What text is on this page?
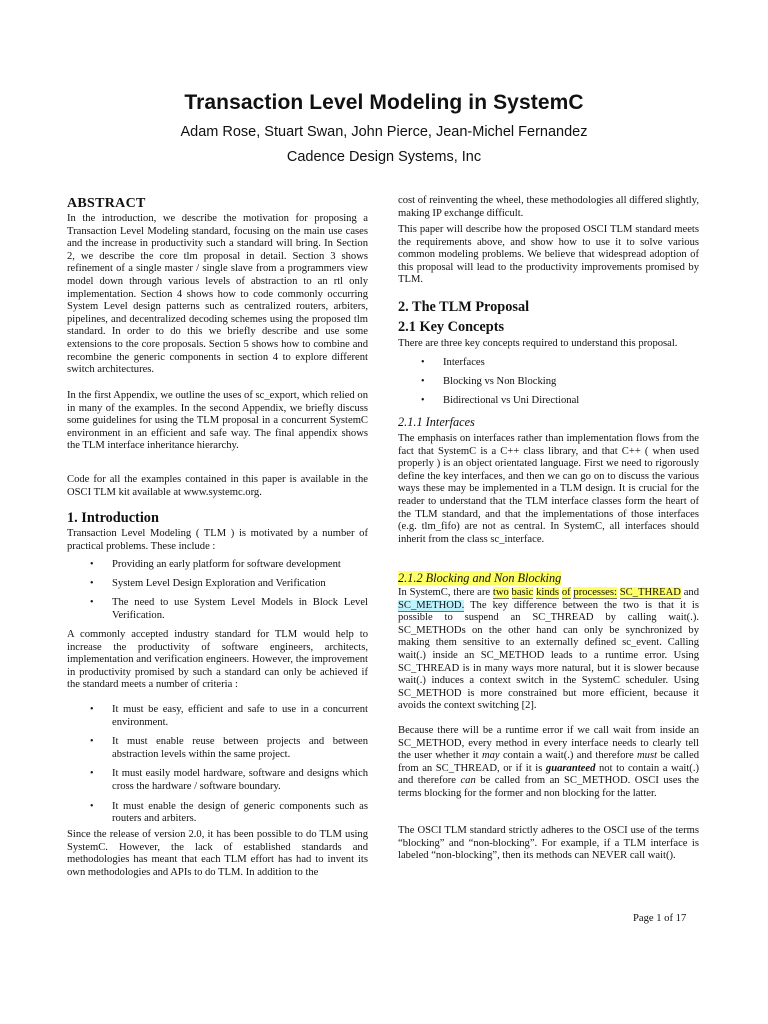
Transaction Level Modeling in SystemC
Adam Rose, Stuart Swan, John Pierce, Jean-Michel Fernandez
Cadence Design Systems, Inc
ABSTRACT

In the introduction, we describe the motivation for proposing a Transaction Level Modeling standard, focusing on the main use cases and the increase in productivity such a standard will bring. In Section 2, we describe the core tlm proposal in detail. Section 3 shows refinement of a single master / single slave from a programmers view model down through various levels of abstraction to an rtl only implementation. Section 4 shows how to code commonly occurring System Level design patterns such as centralized routers, arbiters, pipelines, and decentralized decoding schemes using the proposed tlm standard. In order to do this we briefly describe and use some extensions to the core proposals. Section 5 shows how to combine and recombine the generic components in section 4 to explore different switch architectures.

In the first Appendix, we outline the uses of sc_export, which relied on in many of the examples. In the second Appendix, we briefly discuss some guidelines for using the TLM proposal in a concurrent SystemC environment in an efficient and safe way. The final appendix shows the TLM interface inheritance hierarchy.

Code for all the examples contained in this paper is available in the OSCI TLM kit available at www.systemc.org.

1. Introduction

Transaction Level Modeling ( TLM ) is motivated by a number of practical problems. These include :

• Providing an early platform for software development
• System Level Design Exploration and Verification
• The need to use System Level Models in Block Level Verification.

A commonly accepted industry standard for TLM would help to increase the productivity of software engineers, architects, implementation and verification engineers. However, the improvement in productivity promised by such a standard can only be achieved if the standard meets a number of criteria :

• It must be easy, efficient and safe to use in a concurrent environment.
• It must enable reuse between projects and between abstraction levels within the same project.
• It must easily model hardware, software and designs which cross the hardware / software boundary.
• It must enable the design of generic components such as routers and arbiters.

Since the release of version 2.0, it has been possible to do TLM using SystemC. However, the lack of established standards and methodologies has meant that each TLM effort has had to invent its own methodologies and APIs to do TLM. In addition to the

cost of reinventing the wheel, these methodologies all differed slightly, making IP exchange difficult.

This paper will describe how the proposed OSCI TLM standard meets the requirements above, and show how to use it to solve various common modeling problems. We believe that widespread adoption of this proposal will lead to the productivity improvements promised by TLM.

2. The TLM Proposal
2.1 Key Concepts

There are three key concepts required to understand this proposal.

• Interfaces
• Blocking vs Non Blocking
• Bidirectional vs Uni Directional
2.1.1 Interfaces

The emphasis on interfaces rather than implementation flows from the fact that SystemC is a C++ class library, and that C++ ( when used properly ) is an object orientated language. First we need to rigorously define the key interfaces, and then we can go on to discuss the various ways these may be implemented in a TLM design. It is crucial for the reader to understand that the TLM interface classes form the heart of the TLM standard, and that the implementations of those interfaces (e.g. tlm_fifo) are not as central. In SystemC, all interfaces should inherit from the class sc_interface.

2.1.2 Blocking and Non Blocking

In SystemC, there are two basic kinds of processes: SC_THREAD and SC_METHOD. The key difference between the two is that it is possible to suspend an SC_THREAD by calling wait(.). SC_METHODs on the other hand can only be synchronized by making them sensitive to an externally defined sc_event. Calling wait(.) inside an SC_METHOD leads to a runtime error. Using SC_THREAD is in many ways more natural, but it is slower because wait(.) induces a context switch in the SystemC scheduler. Using SC_METHOD is more constrained but more efficient, because it avoids the context switching [2].

Because there will be a runtime error if we call wait from inside an SC_METHOD, every method in every interface needs to clearly tell the user whether it may contain a wait(.) and therefore must be called from an SC_THREAD, or if it is guaranteed not to contain a wait(.) and therefore can be called from an SC_METHOD. OSCI uses the terms blocking for the former and non blocking for the latter.

The OSCI TLM standard strictly adheres to the OSCI use of the terms “blocking” and “non-blocking”. For example, if a TLM interface is labeled “non-blocking”, then its methods can NEVER call wait().

Page 1 of 17
